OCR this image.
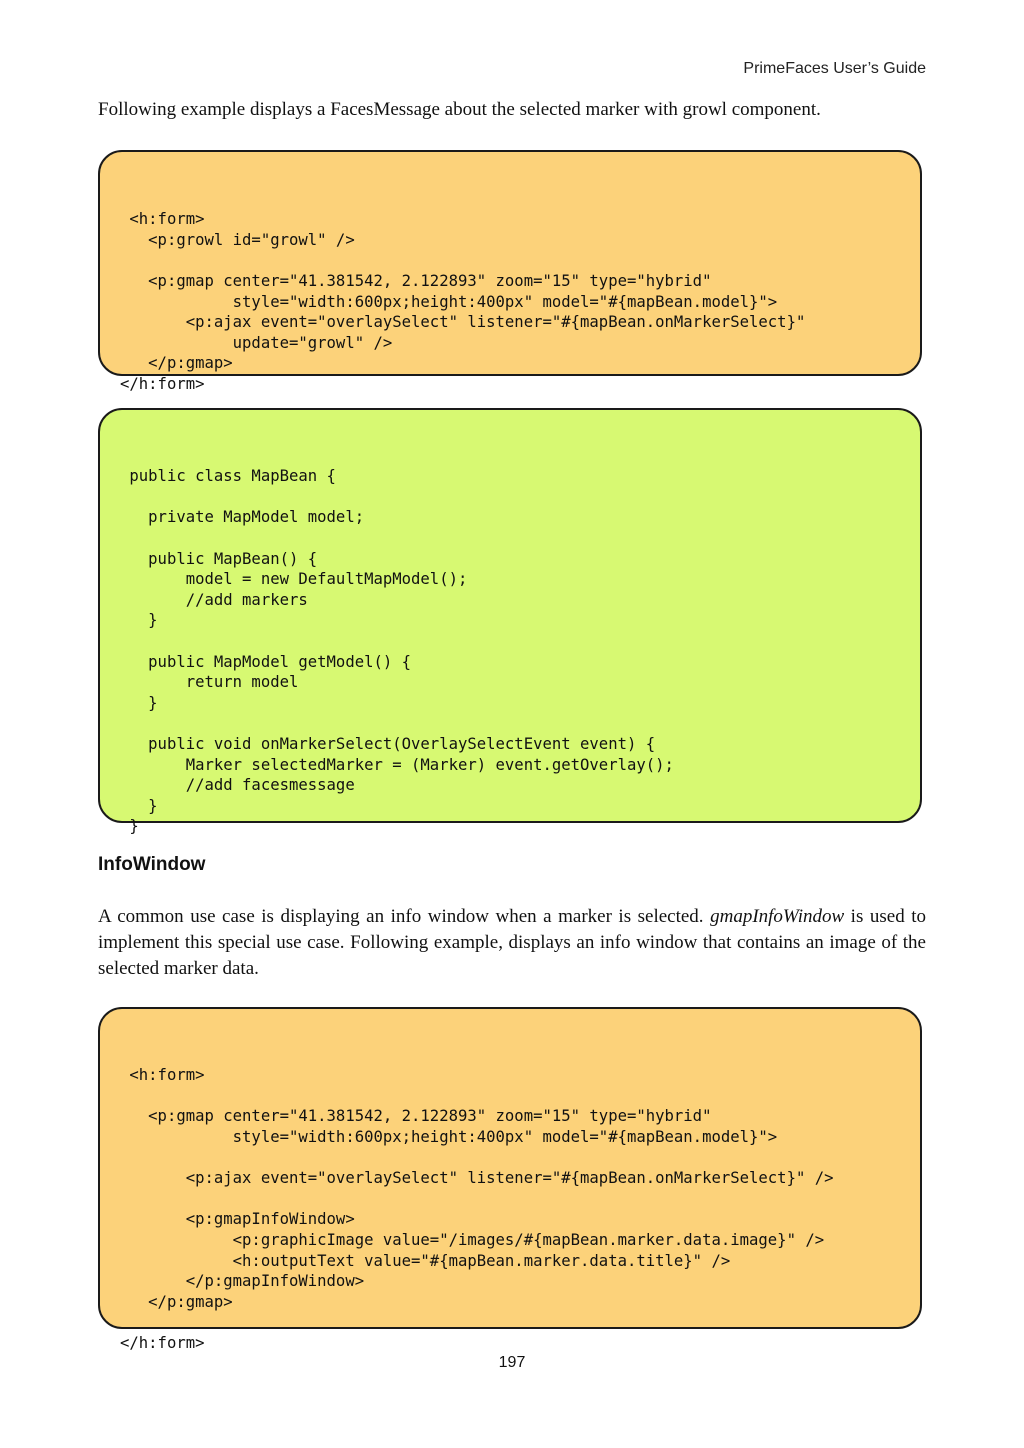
PrimeFaces User’s Guide
Following example displays a FacesMessage about the selected marker with growl component.

<h:form>
<p:growl id="growl" />
<p:gmap center="41.381542, 2.122893" zoom="15" type="hybrid"
style="width:600px;height:400px" model="#{mapBean.model}">
<p:ajax event="overlaySelect" listener="#{mapBean.onMarkerSelect}"
update="growl" />
</p:gmap>
</h:form>

public class MapBean {
private MapModel model;
public MapBean() {
model = new DefaultMapModel();
//add markers
}
public MapModel getModel() {
return model
}
public void onMarkerSelect(OverlaySelectEvent event) {
Marker selectedMarker = (Marker) event.getOverlay();
//add facesmessage
}
}

InfoWindow
A common use case is displaying an info window when a marker is selected. gmapInfoWindow is used to implement this special use case. Following example, displays an info window that contains an image of the selected marker data.

<h:form>
<p:gmap center="41.381542, 2.122893" zoom="15" type="hybrid"
style="width:600px;height:400px" model="#{mapBean.model}">
<p:ajax event="overlaySelect" listener="#{mapBean.onMarkerSelect}" />
<p:gmapInfoWindow>
<p:graphicImage value="/images/#{mapBean.marker.data.image}" />
<h:outputText value="#{mapBean.marker.data.title}" />
</p:gmapInfoWindow>
</p:gmap>
</h:form>

197
